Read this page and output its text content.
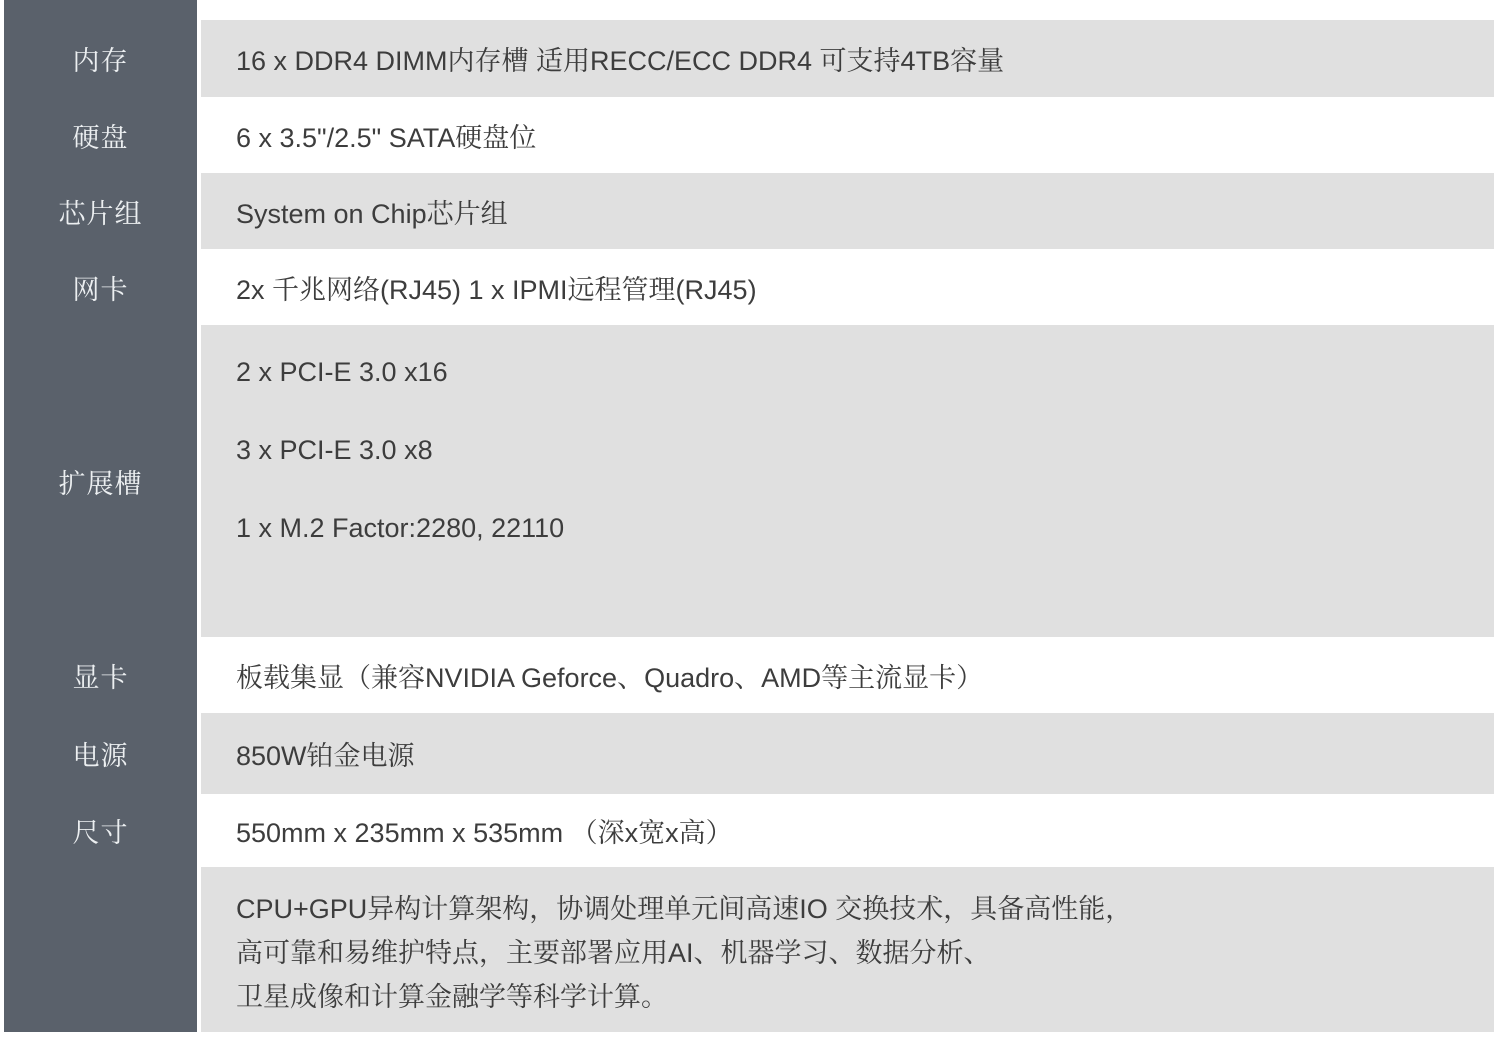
内存
硬盘
芯片组
网卡
扩展槽
显卡
电源
尺寸
16 x DDR4 DIMM内存槽 适用RECC/ECC DDR4 可支持4TB容量
6 x 3.5"/2.5" SATA硬盘位
System on Chip芯片组
2x 千兆网络(RJ45) 1 x IPMI远程管理(RJ45)
2 x PCI-E 3.0 x16
3 x PCI-E 3.0 x8
1 x M.2 Factor:2280, 22110
板载集显（兼容NVIDIA Geforce、Quadro、AMD等主流显卡）
850W铂金电源
550mm x 235mm x 535mm （深x宽x高）
CPU+GPU异构计算架构，协调处理单元间高速IO 交换技术，具备高性能，
高可靠和易维护特点，主要部署应用AI、机器学习、数据分析、
卫星成像和计算金融学等科学计算。
